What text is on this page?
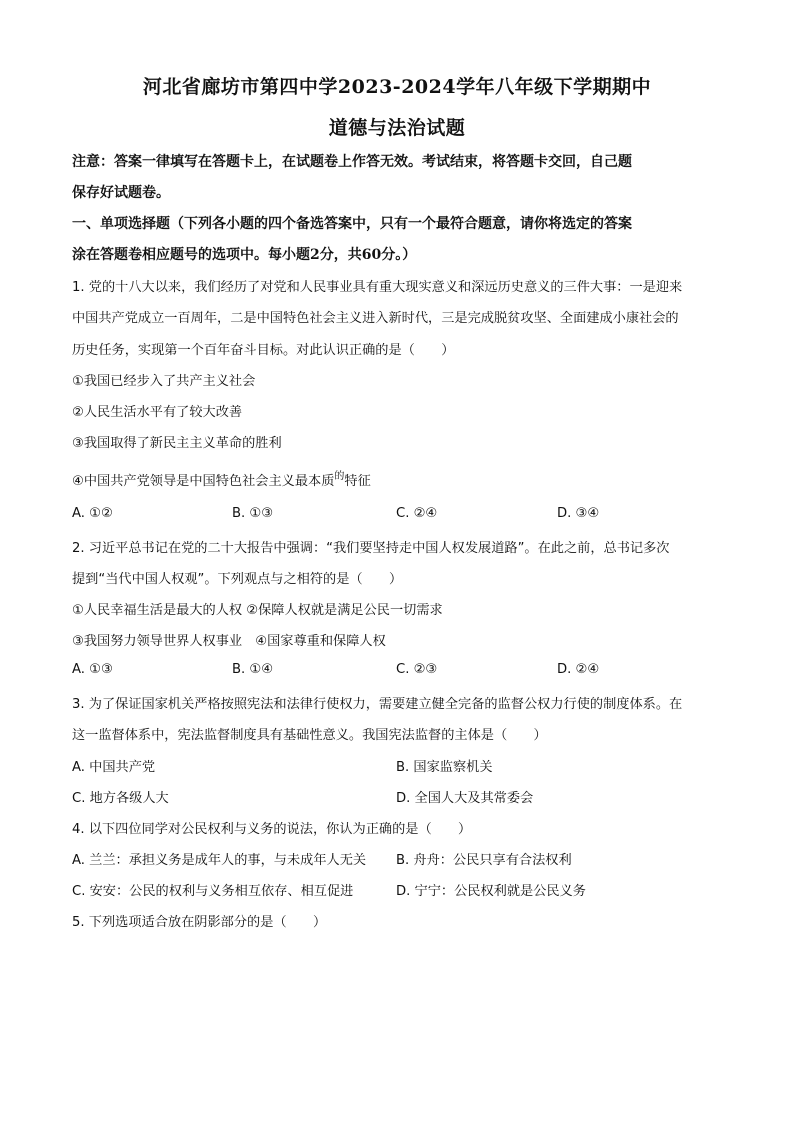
河北省廊坊市第四中学2023-2024学年八年级下学期期中
道德与法治试题
注意：答案一律填写在答题卡上，在试题卷上作答无效。考试结束，将答题卡交回，自己题
保存好试题卷。
一、单项选择题（下列各小题的四个备选答案中，只有一个最符合题意，请你将选定的答案
涂在答题卷相应题号的选项中。每小题2分，共60分。）
1. 党的十八大以来，我们经历了对党和人民事业具有重大现实意义和深远历史意义的三件大事：一是迎来
中国共产党成立一百周年，二是中国特色社会主义进入新时代，三是完成脱贫攻坚、全面建成小康社会的
历史任务，实现第一个百年奋斗目标。对此认识正确的是（　　）
①我国已经步入了共产主义社会
②人民生活水平有了较大改善
③我国取得了新民主主义革命的胜利
④中国共产党领导是中国特色社会主义最本质$^的$特征
A. ①②	B. ①③	C. ②④	D. ③④
2. 习近平总书记在党的二十大报告中强调：“我们要坚持走中国人权发展道路”。在此之前，总书记多次
提到“当代中国人权观”。下列观点与之相符的是（　　）
①人民幸福生活是最大的人权 ②保障人权就是满足公民一切需求
③我国努力领导世界人权事业　④国家尊重和保障人权
A. ①③	B. ①④	C. ②③	D. ②④
3. 为了保证国家机关严格按照宪法和法律行使权力，需要建立健全完备的监督公权力行使的制度体系。在
这一监督体系中，宪法监督制度具有基础性意义。我国宪法监督的主体是（　　）
A. 中国共产党	B. 国家监察机关
C. 地方各级人大	D. 全国人大及其常委会
4. 以下四位同学对公民权利与义务的说法，你认为正确的是（　　）
A. 兰兰：承担义务是成年人的事，与未成年人无关 B. 舟舟：公民只享有合法权利
C. 安安：公民的权利与义务相互依存、相互促进	D. 宁宁：公民权利就是公民义务
5. 下列选项适合放在阴影部分的是（　　）
